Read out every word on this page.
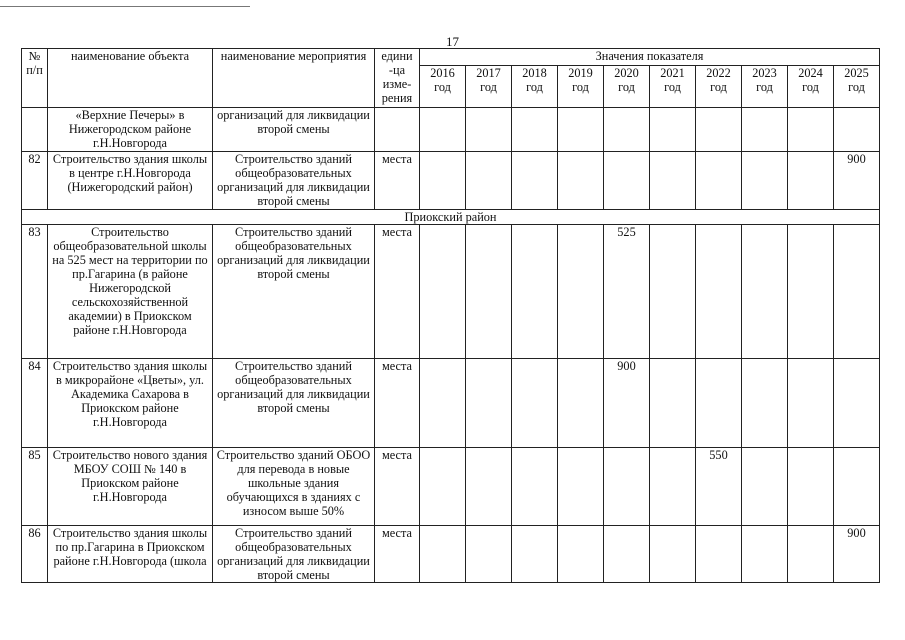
17
№ п/п	наименование объекта	наименование мероприятия	едини -ца изме- рения	Значения показателя									
				2016 год	2017 год	2018 год	2019 год	2020 год	2021 год	2022 год	2023 год	2024 год	2025 год
	«Верхние Печеры» в Нижегородском районе г.Н.Новгорода	организаций для ликвидации второй смены											
82	Строительство здания школы в центре г.Н.Новгорода (Нижегородский район)	Строительство зданий общеобразовательных организаций для ликвидации второй смены	места										900
Приокский район													
83	Строительство общеобразовательной школы на 525 мест на территории по пр.Гагарина (в районе Нижегородской сельскохозяйственной академии) в Приокском районе г.Н.Новгорода	Строительство зданий общеобразовательных организаций для ликвидации второй смены	места					525					
84	Строительство здания школы в микрорайоне «Цветы», ул. Академика Сахарова в Приокском районе г.Н.Новгорода	Строительство зданий общеобразовательных организаций для ликвидации второй смены	места					900					
85	Строительство нового здания МБОУ СОШ № 140 в Приокском районе г.Н.Новгорода	Строительство зданий ОБОО для перевода в новые школьные здания обучающихся в зданиях с износом выше 50%	места							550			
86	Строительство здания школы по пр.Гагарина в Приокском районе г.Н.Новгорода (школа	Строительство зданий общеобразовательных организаций для ликвидации второй смены	места										900
